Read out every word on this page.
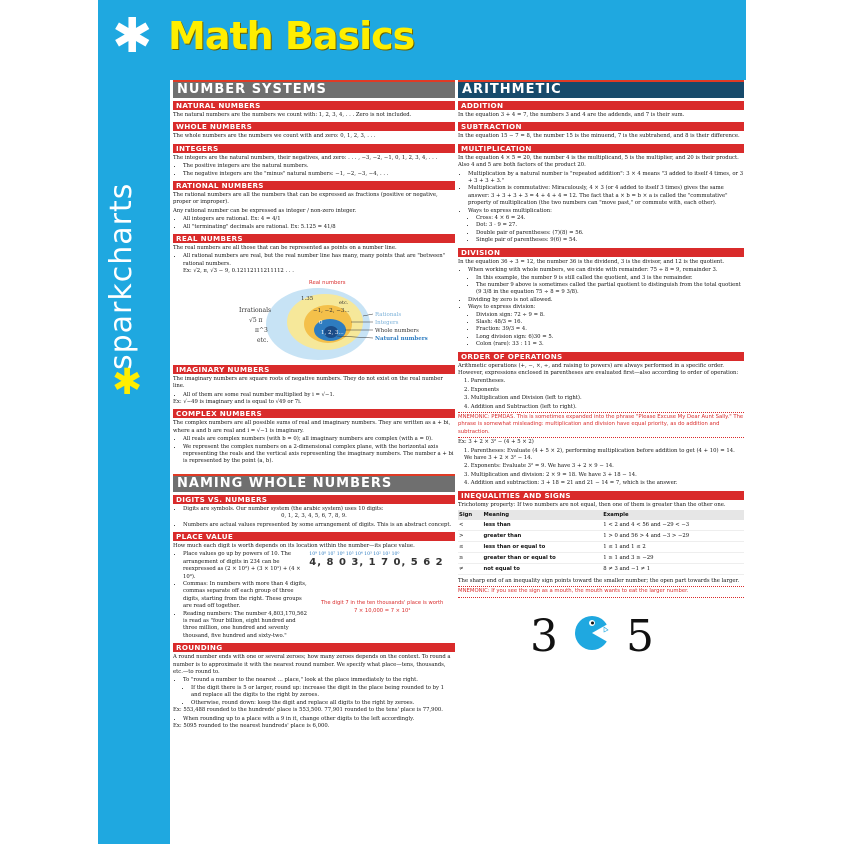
✱ Math Basics
sparkcharts
✱
NUMBER SYSTEMS
NATURAL NUMBERS

The natural numbers are the numbers we count with: 1, 2, 3, 4, . . . Zero is not included.

WHOLE NUMBERS

The whole numbers are the numbers we count with and zero: 0, 1, 2, 3, . . .

INTEGERS

The integers are the natural numbers, their negatives, and zero: . . . , −3, −2, −1, 0, 1, 2, 3, 4, . . .

• The positive integers are the natural numbers.
• The negative integers are the "minus" natural numbers: −1, −2, −3, −4, . . .
RATIONAL NUMBERS

The rational numbers are all the numbers that can be expressed as fractions (positive or negative, proper or improper).

Any rational number can be expressed as integer / non-zero integer.

• All integers are rational. Ex: 4 = 4/1
• All "terminating" decimals are rational. Ex: 5.125 = 41/8
REAL NUMBERS

The real numbers are all those that can be represented as points on a number line.

• All rational numbers are real, but the real number line has many, many points that are "between" rational numbers.

Ex: √2, π, √3 − 9, 0.12112111211112 . . .

Real numbers
Irrationals
√5 π
π^3
etc.
1.35
−1, −2, −3...
etc.
0
1, 2, 3...
Rationals
Integers
Whole numbers
Natural numbers
IMAGINARY NUMBERS

The imaginary numbers are square roots of negative numbers. They do not exist on the real number line.

• All of them are some real number multiplied by i = √−1.

Ex: √−49 is imaginary and is equal to √49 or 7i.

COMPLEX NUMBERS

The complex numbers are all possible sums of real and imaginary numbers. They are written as a + bi, where a and b are real and i = √−1 is imaginary.

• All reals are complex numbers (with b = 0); all imaginary numbers are complex (with a = 0).
• We represent the complex numbers on a 2-dimensional complex plane, with the horizontal axis representing the reals and the vertical axis representing the imaginary numbers. The number a + bi is represented by the point (a, b).
NAMING WHOLE NUMBERS
DIGITS VS. NUMBERS
• Digits are symbols. Our number system (the arabic system) uses 10 digits:

0, 1, 2, 3, 4, 5, 6, 7, 8, 9.

• Numbers are actual values represented by some arrangement of digits. This is an abstract concept.
PLACE VALUE

How much each digit is worth depends on its location within the number—its place value.

• Place values go up by powers of 10. The arrangement of digits in 234 can be reexpressed as (2 × 10²) + (3 × 10¹) + (4 × 10⁰).
• Commas: In numbers with more than 4 digits, commas separate off each group of three digits, starting from the right. These groups are read off together.
• Reading numbers: The number 4,803,170,562 is read as "four billion, eight hundred and three million, one hundred and seventy thousand, five hundred and sixty-two."
10⁹ 10⁸ 10⁷ 10⁶ 10⁵ 10⁴ 10³ 10² 10¹ 10⁰
4, 8 0 3, 1 7 0, 5 6 2
The digit 7 in the ten thousands' place is worth
7 × 10,000 = 7 × 10⁴
ROUNDING

A round number ends with one or several zeroes; how many zeroes depends on the context. To round a number is to approximate it with the nearest round number. We specify what place—tens, thousands, etc.—to round to.

• To "round a number to the nearest ... place," look at the place immediately to the right.
• If the digit there is 5 or larger, round up: increase the digit in the place being rounded to by 1 and replace all the digits to the right by zeroes.
• Otherwise, round down: keep the digit and replace all digits to the right by zeroes.

Ex: 553,488 rounded to the hundreds' place is 553,500. 77,901 rounded to the tens' place is 77,900.

• When rounding up to a place with a 9 in it, change other digits to the left accordingly.

Ex: 5095 rounded to the nearest hundreds' place is 6,000.

ARITHMETIC
ADDITION

In the equation 3 + 4 = 7, the numbers 3 and 4 are the addends, and 7 is their sum.

SUBTRACTION

In the equation 15 − 7 = 8, the number 15 is the minuend, 7 is the subtrahend, and 8 is their difference.

MULTIPLICATION

In the equation 4 × 5 = 20, the number 4 is the multiplicand, 5 is the multiplier, and 20 is their product. Also 4 and 5 are both factors of the product 20.

• Multiplication by a natural number is "repeated addition": 3 × 4 means "3 added to itself 4 times, or 3 + 3 + 3 + 3."
• Multiplication is commutative: Miraculously, 4 × 3 (or 4 added to itself 3 times) gives the same answer: 3 + 3 + 3 + 3 = 4 + 4 + 4 = 12. The fact that a × b = b × a is called the "commutative" property of multiplication (the two numbers can "move past," or commute with, each other).
• Ways to express multiplication:
• Cross: 4 × 6 = 24.
• Dot: 3 · 9 = 27.
• Double pair of parentheses: (7)(8) = 56.
• Single pair of parentheses: 9(6) = 54.
DIVISION

In the equation 36 ÷ 3 = 12, the number 36 is the dividend, 3 is the divisor, and 12 is the quotient.

• When working with whole numbers, we can divide with remainder: 75 ÷ 8 = 9, remainder 3.
• In this example, the number 9 is still called the quotient, and 3 is the remainder.
• The number 9 above is sometimes called the partial quotient to distinguish from the total quotient (9 3/8 in the equation 75 ÷ 8 = 9 3/8).
• Dividing by zero is not allowed.
• Ways to express division:
• Division sign: 72 ÷ 9 = 8.
• Slash: 48/3 = 16.
• Fraction: 39/3 = 4.
• Long division sign: 6)30 = 5.
• Colon (rare): 33 : 11 = 3.
ORDER OF OPERATIONS

Arithmetic operations (+, −, ×, ÷, and raising to powers) are always performed in a specific order. However, expressions enclosed in parentheses are evaluated first—also according to order of operation:

1. Parentheses.

2. Exponents

3. Multiplication and Division (left to right).

4. Addition and Subtraction (left to right).

MNEMONIC: PEMDAS. This is sometimes expanded into the phrase "Please Excuse My Dear Aunt Sally." The phrase is somewhat misleading: multiplication and division have equal priority, as do addition and subtraction.

Ex: 3 + 2 × 3² − (4 + 5 × 2)

1. Parentheses: Evaluate (4 + 5 × 2), performing multiplication before addition to get (4 + 10) = 14. We have 3 + 2 × 3² − 14.

2. Exponents: Evaluate 3² = 9. We have 3 + 2 × 9 − 14.

3. Multiplication and division: 2 × 9 = 18. We have 3 + 18 − 14.

4. Addition and subtraction: 3 + 18 = 21 and 21 − 14 = 7, which is the answer.

INEQUALITIES AND SIGNS

Trichotomy property: If two numbers are not equal, then one of them is greater than the other one.

Sign	Meaning	Example
<	less than	1 < 2 and 4 < 56 and −29 < −3
>	greater than	1 > 0 and 56 > 4 and −3 > −29
≤	less than or equal to	1 ≤ 1 and 1 ≤ 2
≥	greater than or equal to	1 ≥ 1 and 3 ≥ −29
≠	not equal to	8 ≠ 3 and −1 ≠ 1

The sharp end of an inequality sign points toward the smaller number; the open part towards the larger.

MNEMONIC: If you see the sign as a mouth, the mouth wants to eat the larger number.

3 5
